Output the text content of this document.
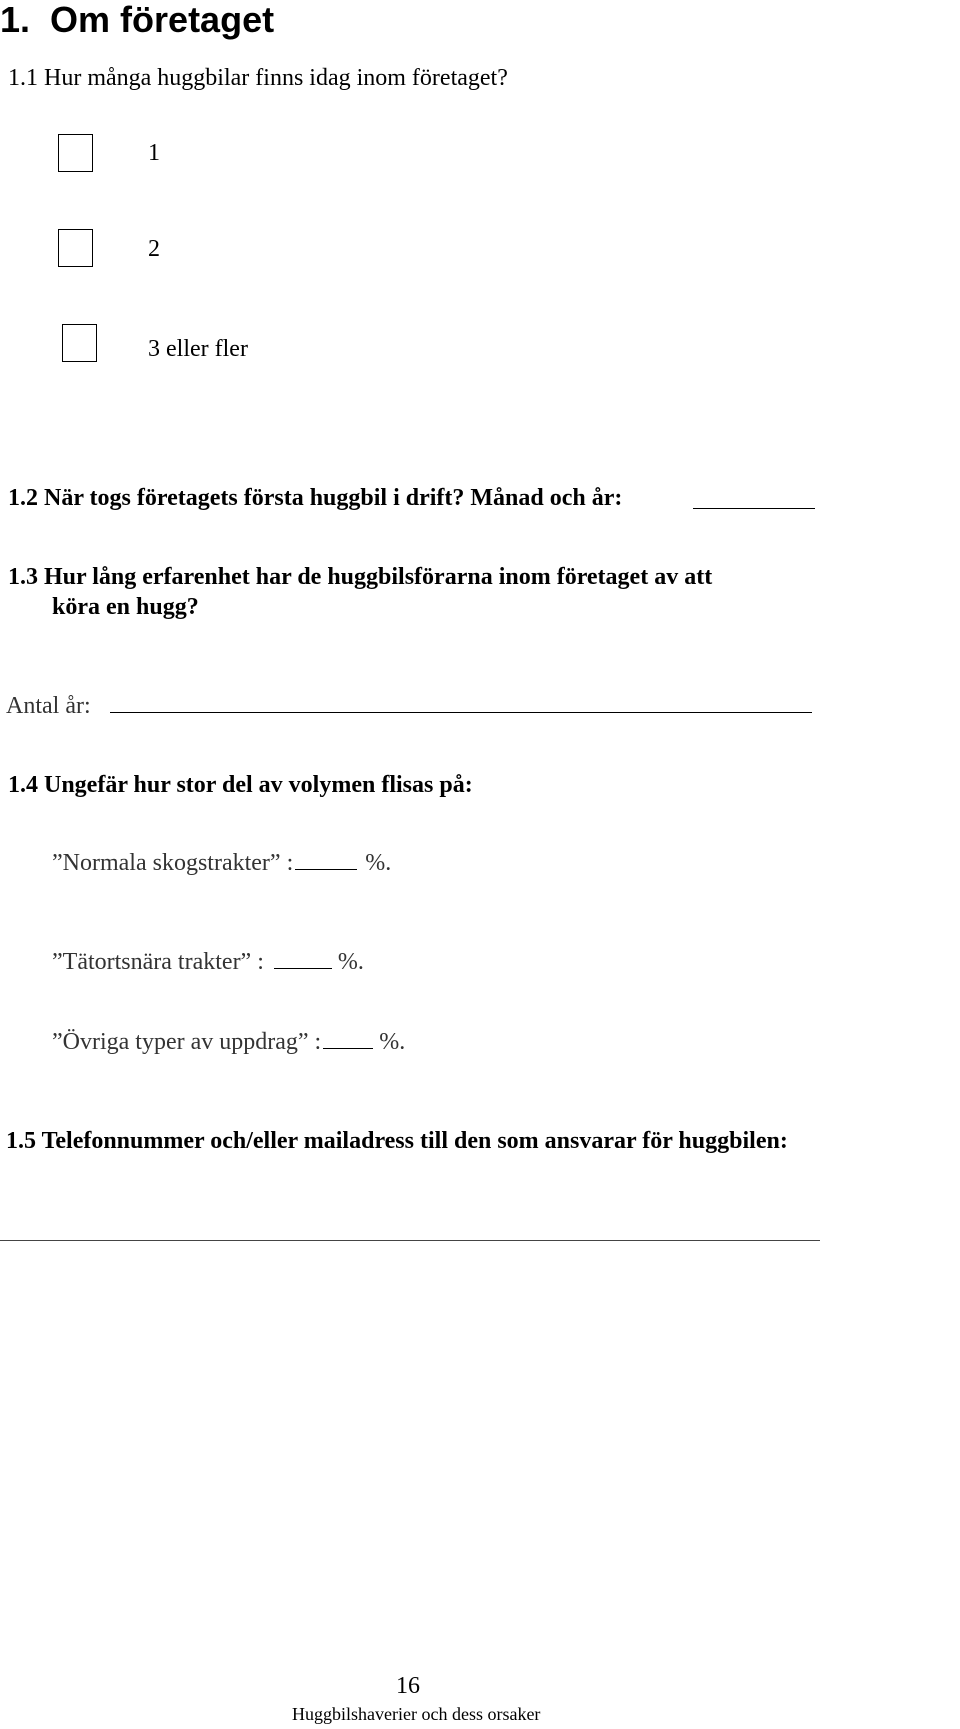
1. Om företaget
1.1 Hur många huggbilar finns idag inom företaget?
1
2
3 eller fler
1.2 När togs företagets första huggbil i drift? Månad och år:
1.3 Hur lång erfarenhet har de huggbilsförarna inom företaget av att
köra en hugg?
Antal år:
1.4 Ungefär hur stor del av volymen flisas på:
”Normala skogstrakter” :	%.
”Tätortsnära trakter” :	%.
”Övriga typer av uppdrag” : %.
1.5 Telefonnummer och/eller mailadress till den som ansvarar för huggbilen:
16
Huggbilshaverier och dess orsaker
